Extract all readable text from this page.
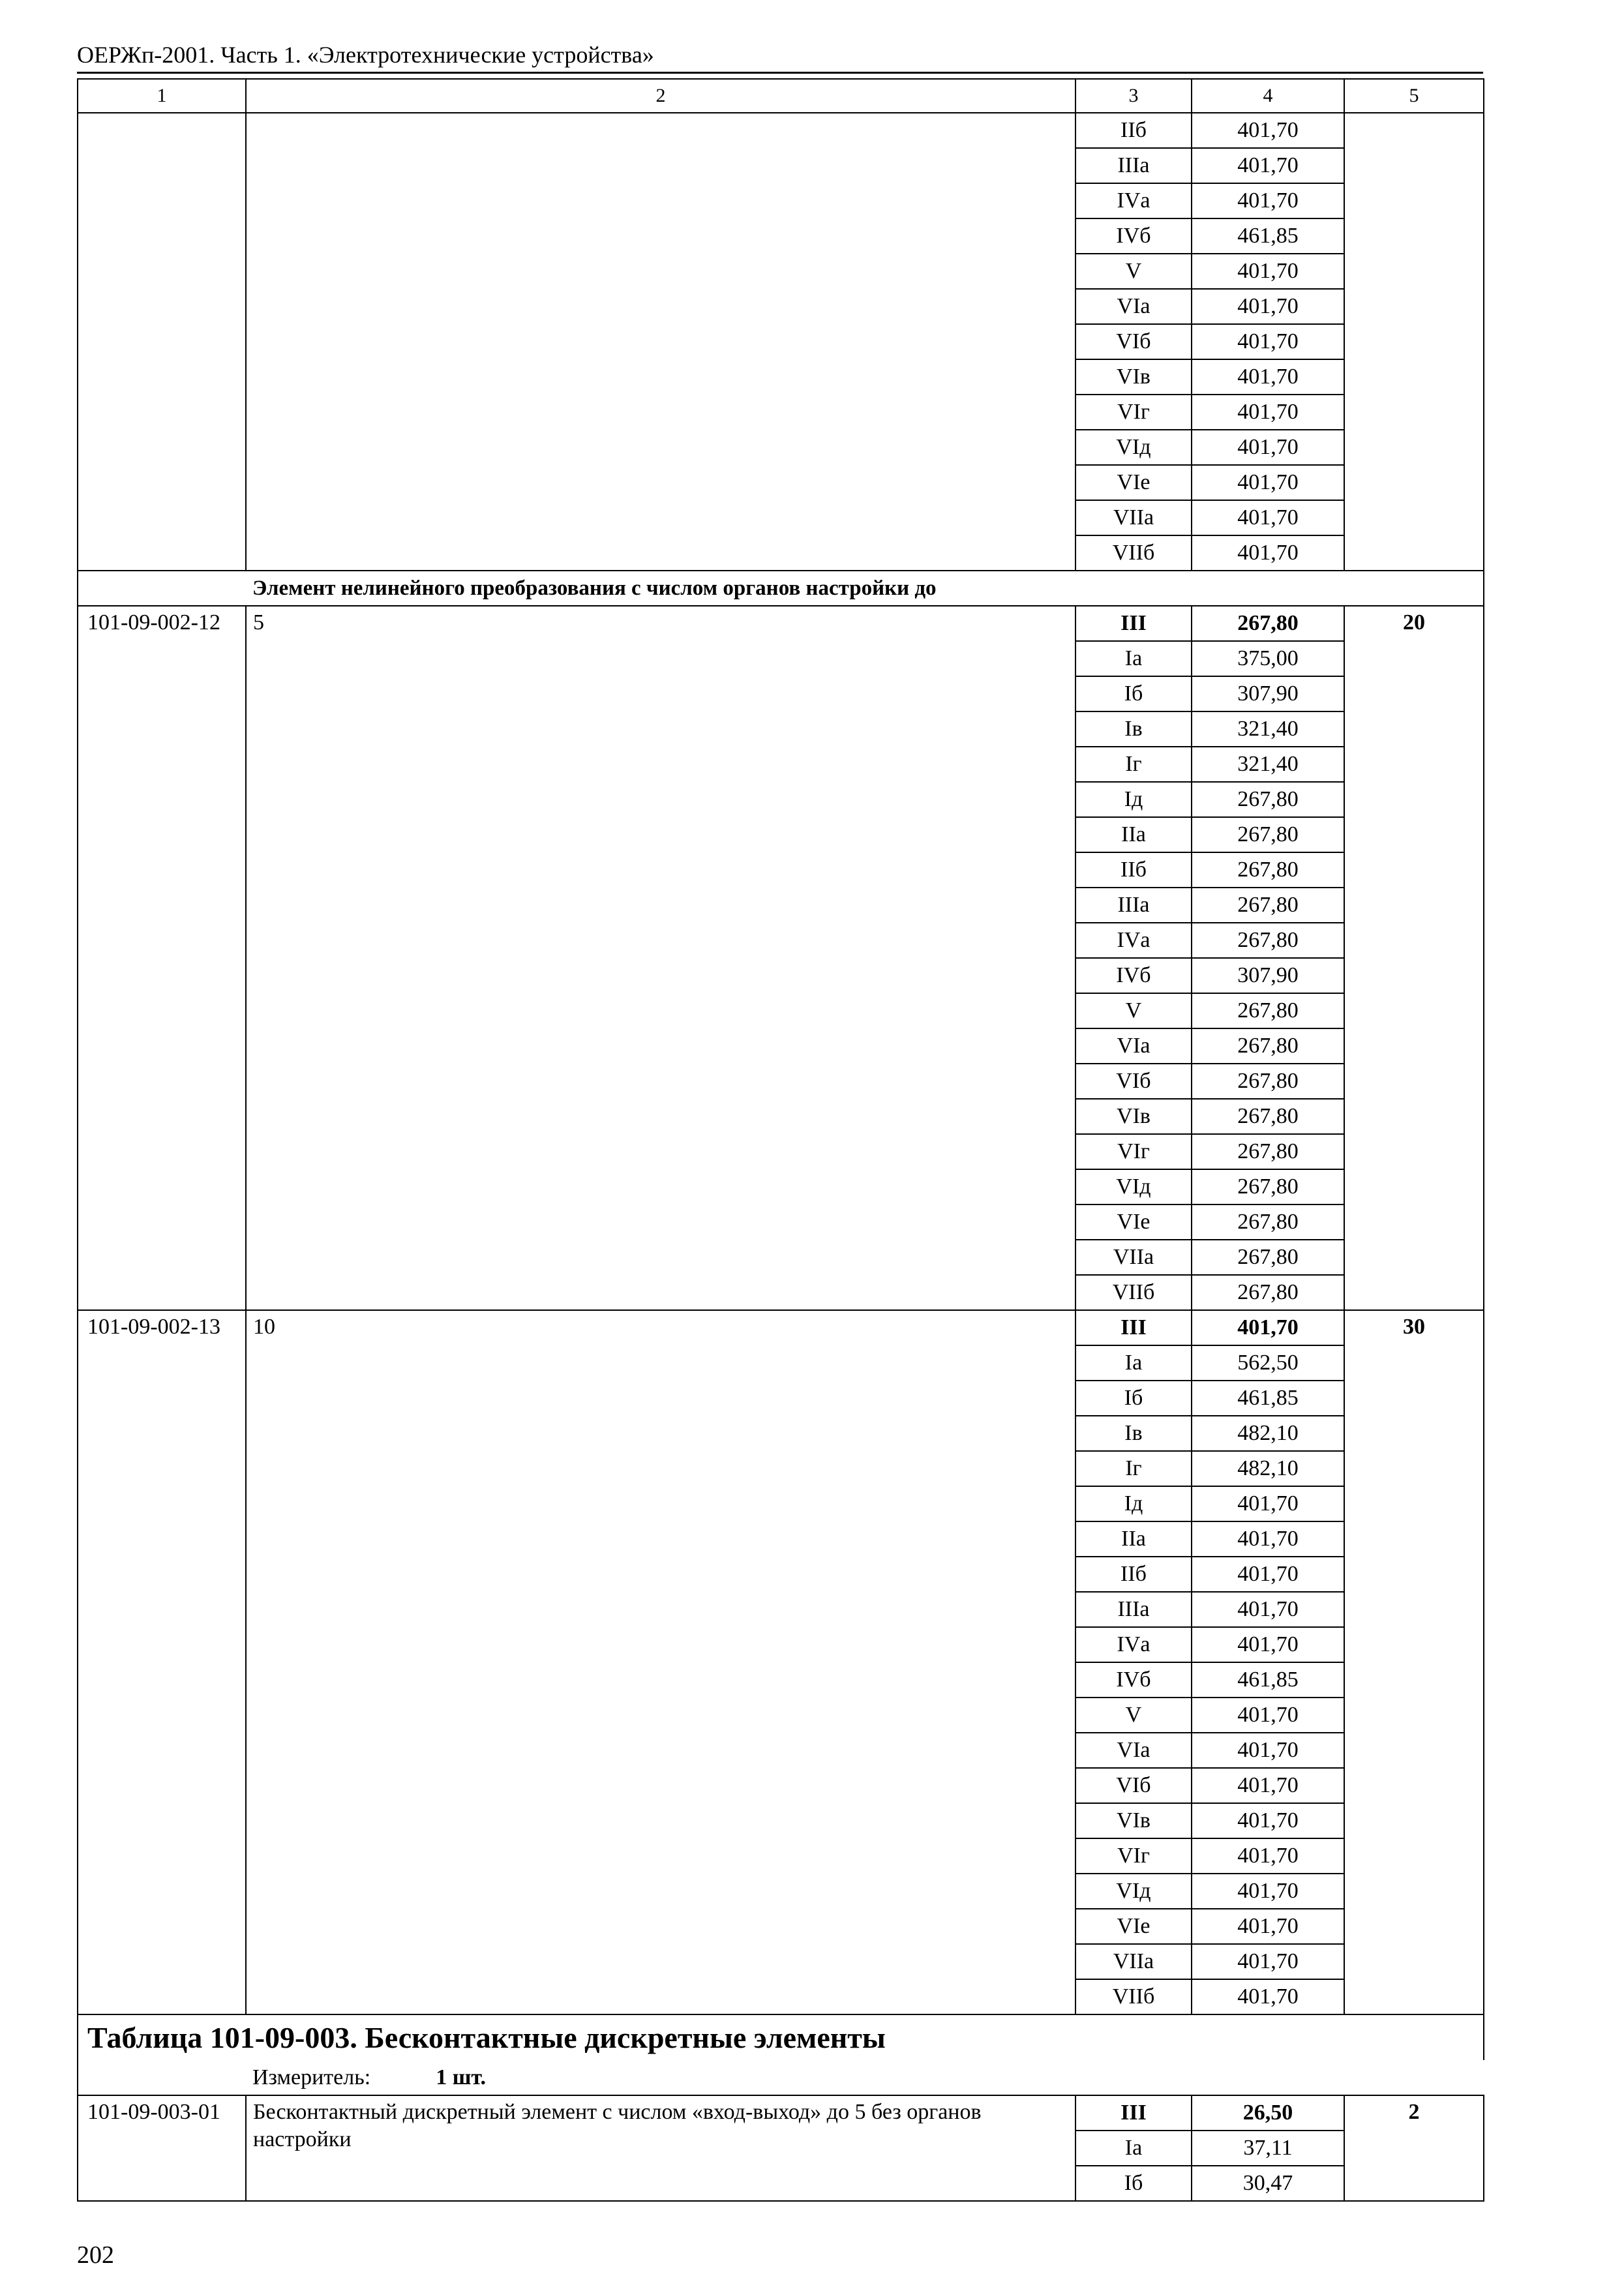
ОЕРЖп-2001. Часть 1. «Электротехнические устройства»
1	2	3	4	5
		IIб	401,70	
		IIIа	401,70	
		IVа	401,70	
		IVб	461,85	
		V	401,70	
		VIа	401,70	
		VIб	401,70	
		VIв	401,70	
		VIг	401,70	
		VIд	401,70	
		VIе	401,70	
		VIIа	401,70	
		VIIб	401,70	
	Элемент нелинейного преобразования с числом органов настройки до			
101-09-002-12	5	III	267,80	20
		Iа	375,00	
		Iб	307,90	
		Iв	321,40	
		Iг	321,40	
		Iд	267,80	
		IIа	267,80	
		IIб	267,80	
		IIIа	267,80	
		IVа	267,80	
		IVб	307,90	
		V	267,80	
		VIа	267,80	
		VIб	267,80	
		VIв	267,80	
		VIг	267,80	
		VIд	267,80	
		VIе	267,80	
		VIIа	267,80	
		VIIб	267,80	
101-09-002-13	10	III	401,70	30
		Iа	562,50	
		Iб	461,85	
		Iв	482,10	
		Iг	482,10	
		Iд	401,70	
		IIа	401,70	
		IIб	401,70	
		IIIа	401,70	
		IVа	401,70	
		IVб	461,85	
		V	401,70	
		VIа	401,70	
		VIб	401,70	
		VIв	401,70	
		VIг	401,70	
		VIд	401,70	
		VIе	401,70	
		VIIа	401,70	
		VIIб	401,70	
Таблица 101-09-003. Бесконтактные дискретные элементы				
	Измеритель: 1 шт.			
101-09-003-01	Бесконтактный дискретный элемент с числом «вход-выход» до 5 без органов настройки	III	26,50	2
		Iа	37,11	
		Iб	30,47	
202
